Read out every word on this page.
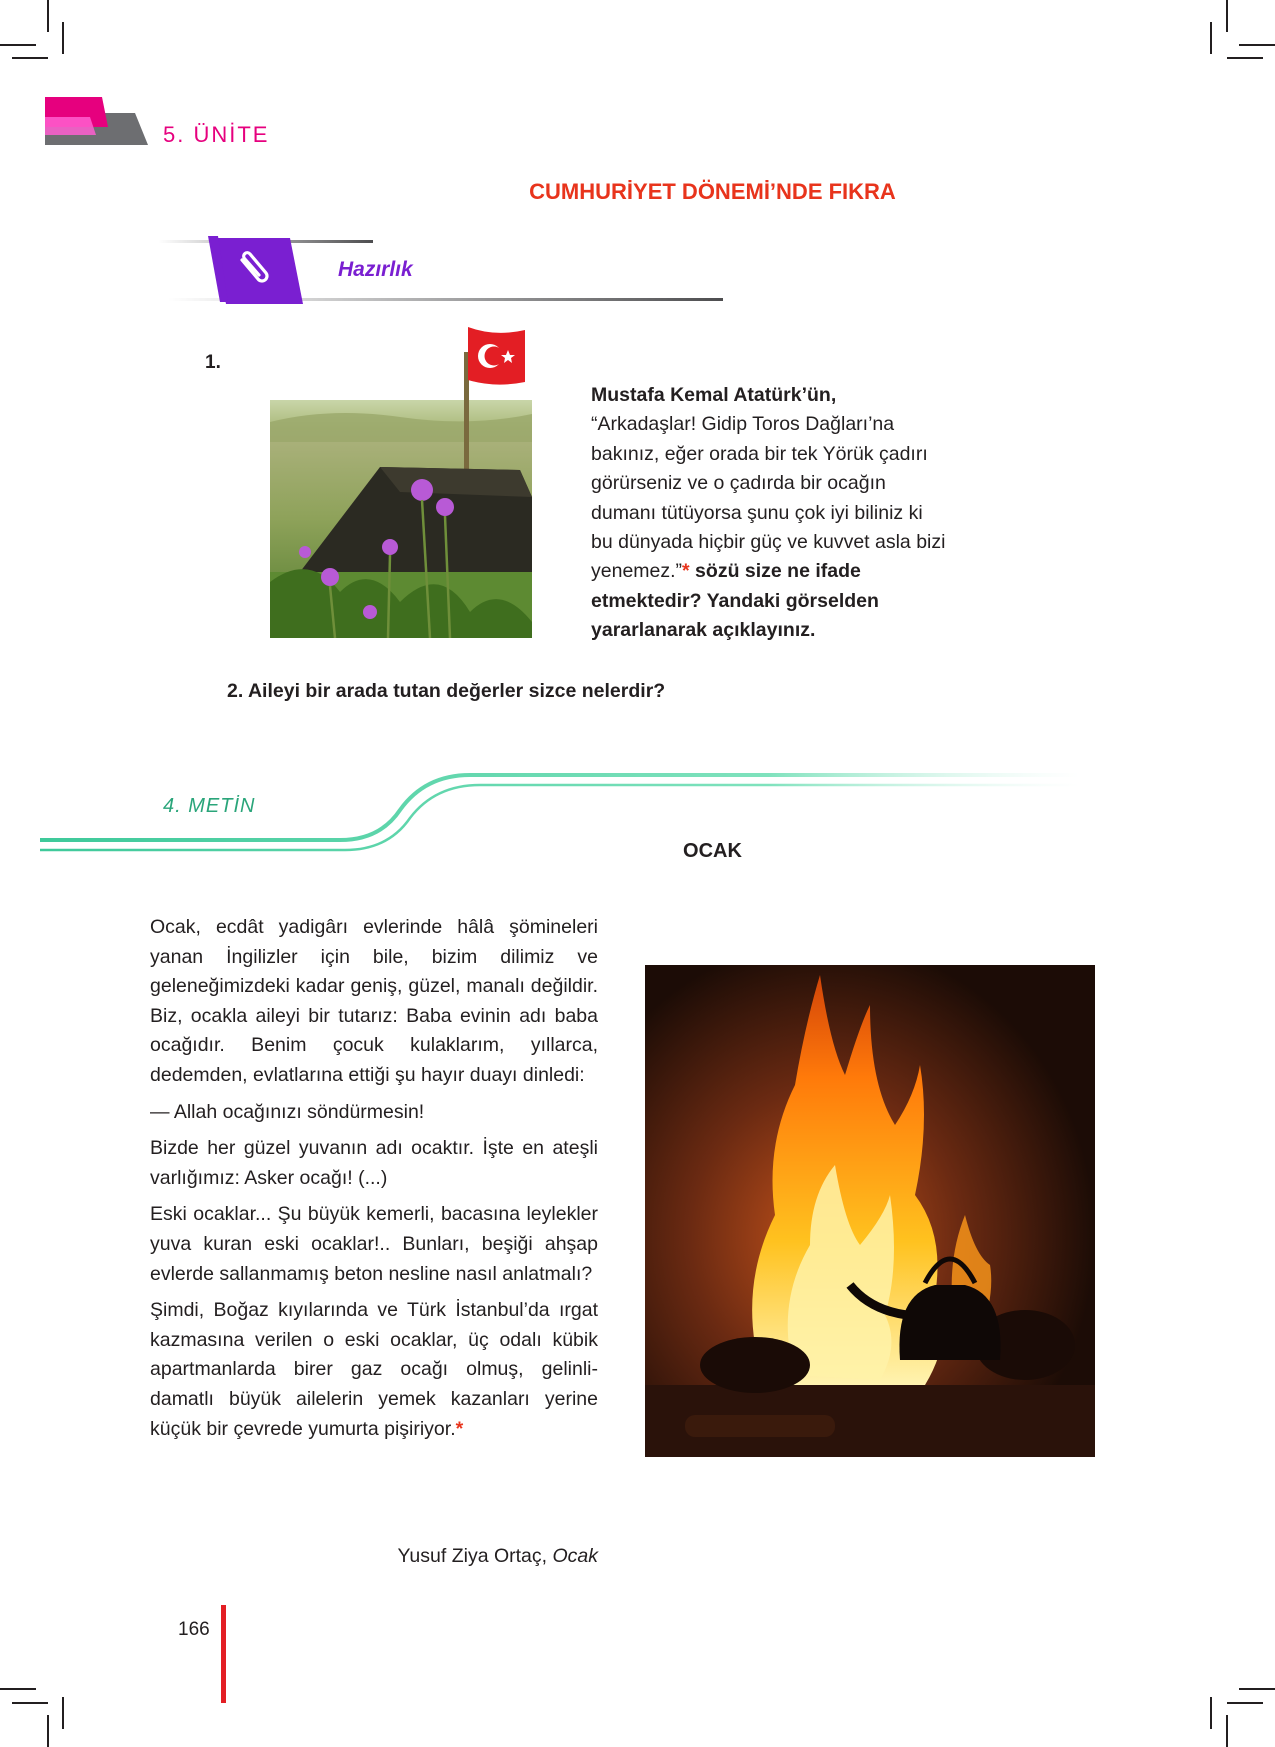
5. ÜNİTE
CUMHURİYET DÖNEMİ’NDE FIKRA
Hazırlık
1.
Mustafa Kemal Atatürk’ün,
“Arkadaşlar! Gidip Toros Dağları’na bakınız, eğer orada bir tek Yörük çadırı görürseniz ve o çadırda bir ocağın dumanı tütüyorsa şunu çok iyi biliniz ki bu dünyada hiçbir güç ve kuvvet asla bizi yenemez.”* sözü size ne ifade etmektedir? Yandaki görselden yararlanarak açıklayınız.
2. Aileyi bir arada tutan değerler sizce nelerdir?
4. METİN
OCAK

Ocak, ecdât yadigârı evlerinde hâlâ şömineleri yanan İngilizler için bile, bizim dilimiz ve geleneğimizdeki kadar geniş, güzel, manalı değildir. Biz, ocakla aileyi bir tutarız: Baba evinin adı baba ocağıdır. Benim çocuk kulaklarım, yıllarca, dedemden, evlatlarına ettiği şu hayır duayı dinledi:

— Allah ocağınızı söndürmesin!

Bizde her güzel yuvanın adı ocaktır. İşte en ateşli varlığımız: Asker ocağı! (...)

Eski ocaklar... Şu büyük kemerli, bacasına leylekler yuva kuran eski ocaklar!.. Bunları, beşiği ahşap evlerde sallanmamış beton nesline nasıl anlatmalı?

Şimdi, Boğaz kıyılarında ve Türk İstanbul’da ırgat kazmasına verilen o eski ocaklar, üç odalı kübik apartmanlarda birer gaz ocağı olmuş, gelinli-damatlı büyük ailelerin yemek kazanları yerine küçük bir çevrede yumurta pişiriyor.*

Yusuf Ziya Ortaç, Ocak
166
